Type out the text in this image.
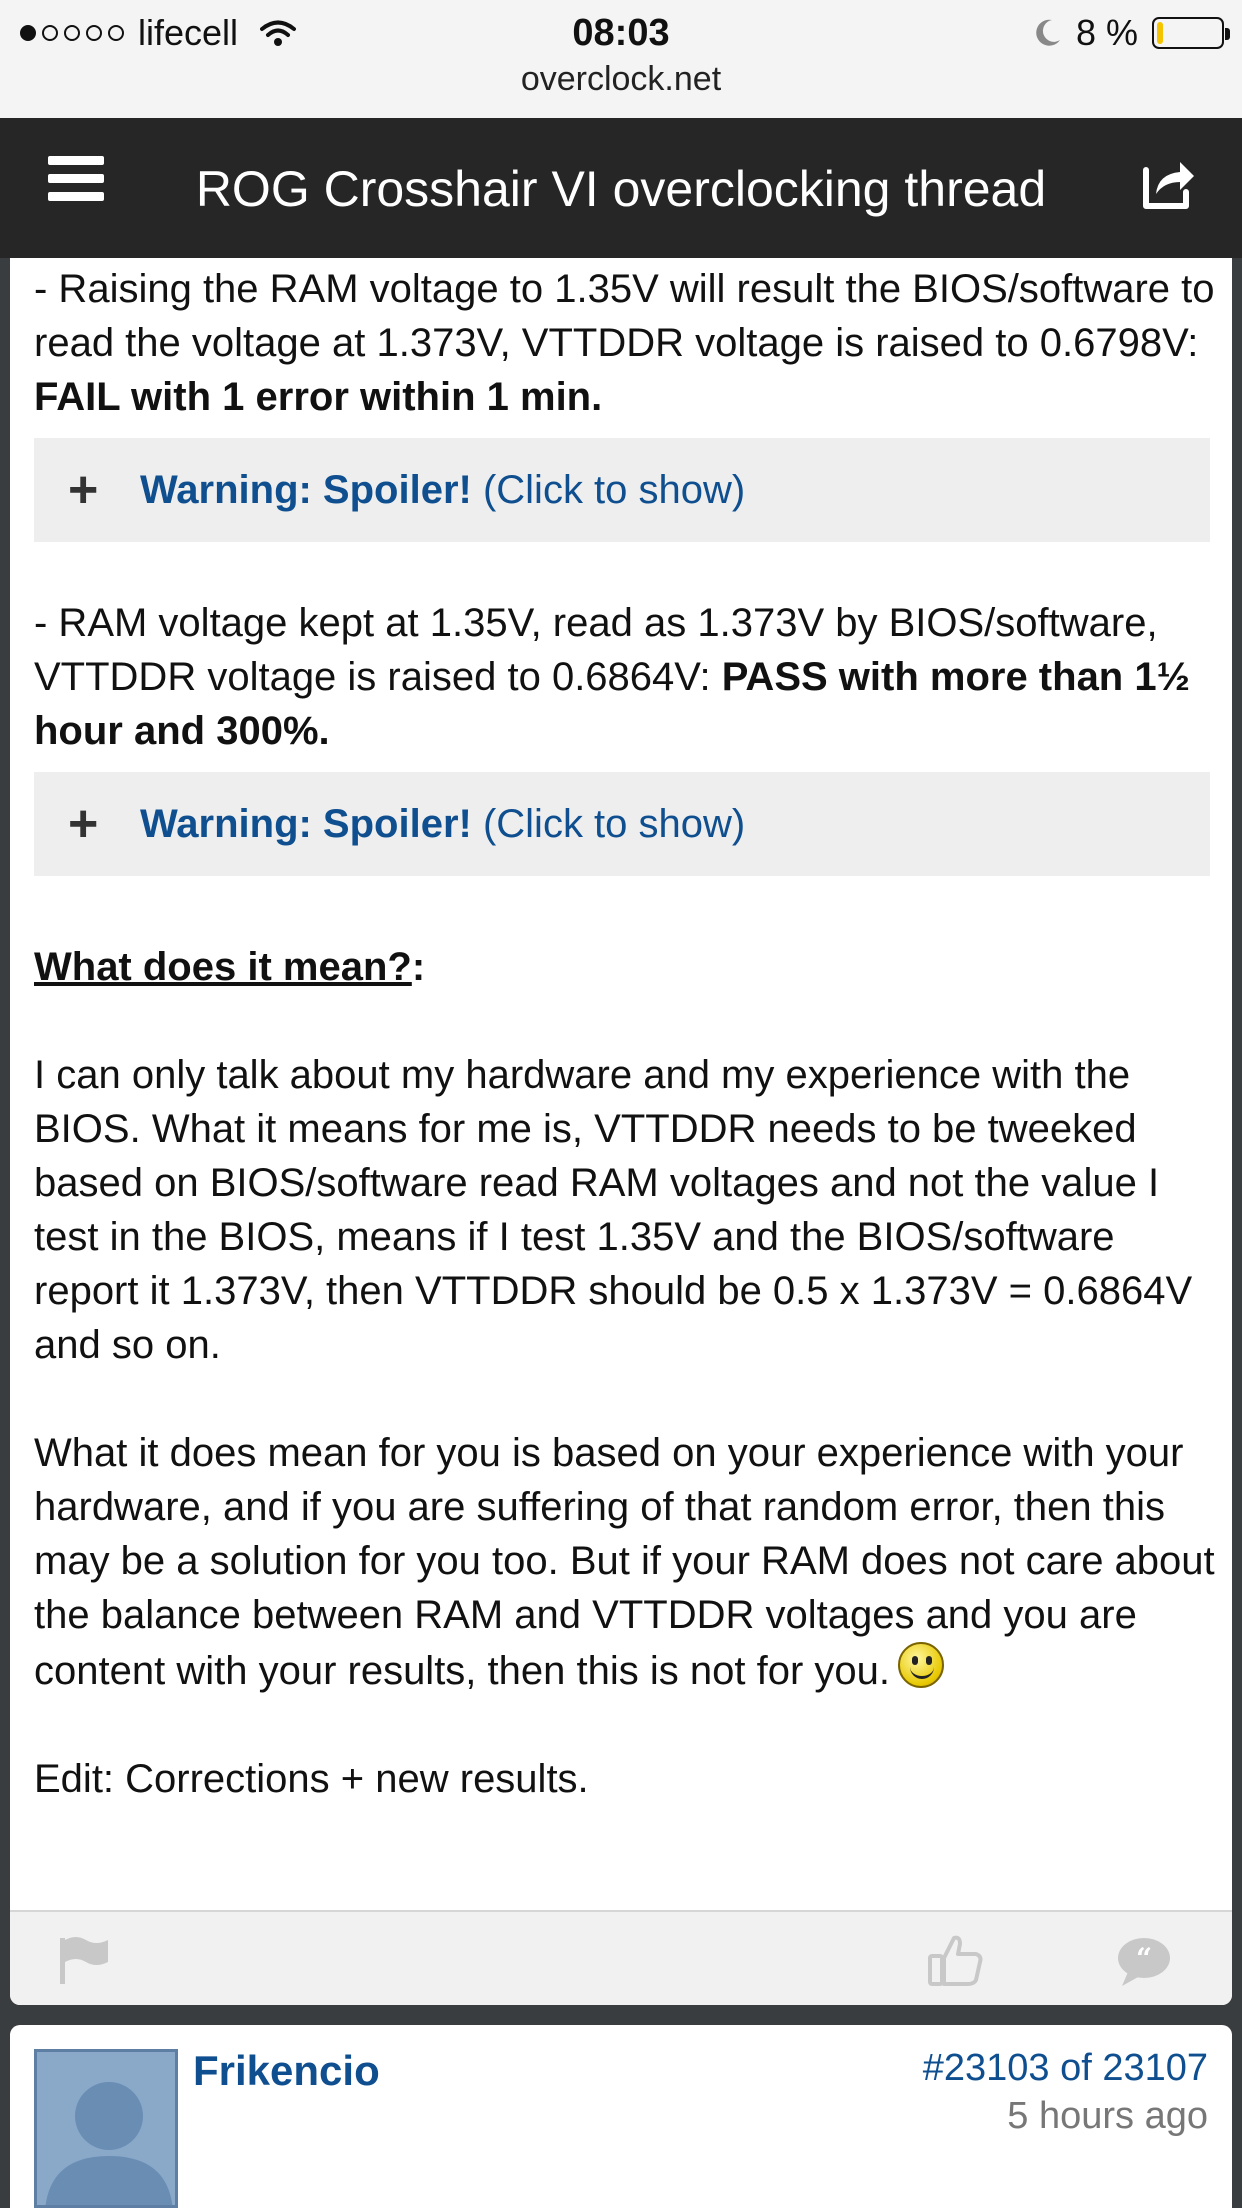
lifecell	08:03	8 %
overclock.net
ROG Crosshair VI overclocking thread

- Raising the RAM voltage to 1.35V will result the BIOS/software to read the voltage at 1.373V, VTTDDR voltage is raised to 0.6798V: FAIL with 1 error within 1 min.

+	Warning: Spoiler! (Click to show)

- RAM voltage kept at 1.35V, read as 1.373V by BIOS/software, VTTDDR voltage is raised to 0.6864V: PASS with more than 1½ hour and 300%.

+	Warning: Spoiler! (Click to show)

What does it mean?:

I can only talk about my hardware and my experience with the BIOS. What it means for me is, VTTDDR needs to be tweeked based on BIOS/software read RAM voltages and not the value I test in the BIOS, means if I test 1.35V and the BIOS/software report it 1.373V, then VTTDDR should be 0.5 x 1.373V = 0.6864V and so on.

What it does mean for you is based on your experience with your hardware, and if you are suffering of that random error, then this may be a solution for you too. But if your RAM does not care about the balance between RAM and VTTDDR voltages and you are content with your results, then this is not for you.

Edit: Corrections + new results.

“
Frikencio	#23103 of 23107
5 hours ago
